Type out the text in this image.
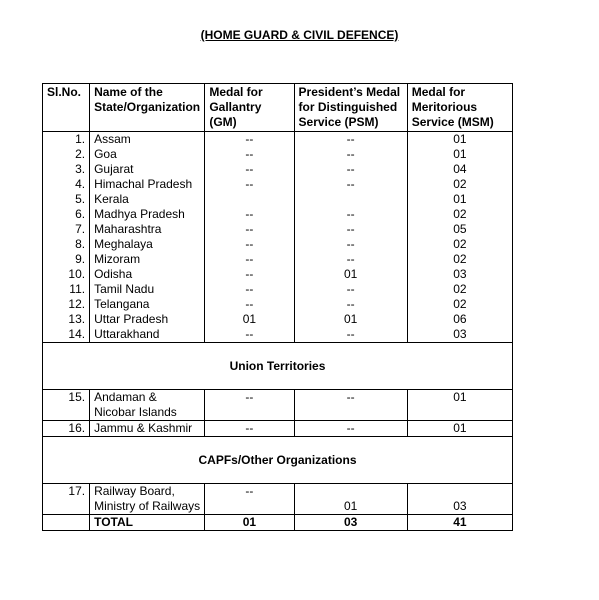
(HOME GUARD & CIVIL DEFENCE)
Sl.No.	Name of the State/Organization	Medal for Gallantry (GM)	President’s Medal for Distinguished Service (PSM)	Medal for Meritorious Service (MSM)
1.	Assam	--	--	01
2.	Goa	--	--	01
3.	Gujarat	--	--	04
4.	Himachal Pradesh	--	--	02
5.	Kerala			01
6.	Madhya Pradesh	--	--	02
7.	Maharashtra	--	--	05
8.	Meghalaya	--	--	02
9.	Mizoram	--	--	02
10.	Odisha	--	01	03
11.	Tamil Nadu	--	--	02
12.	Telangana	--	--	02
13.	Uttar Pradesh	01	01	06
14.	Uttarakhand	--	--	03
Union Territories				
15.	Andaman &
Nicobar Islands	--	--	01
16.	Jammu & Kashmir	--	--	01
CAPFs/Other Organizations				
17.	Railway Board,
Ministry of Railways	--	01	03
	TOTAL	01	03	41
